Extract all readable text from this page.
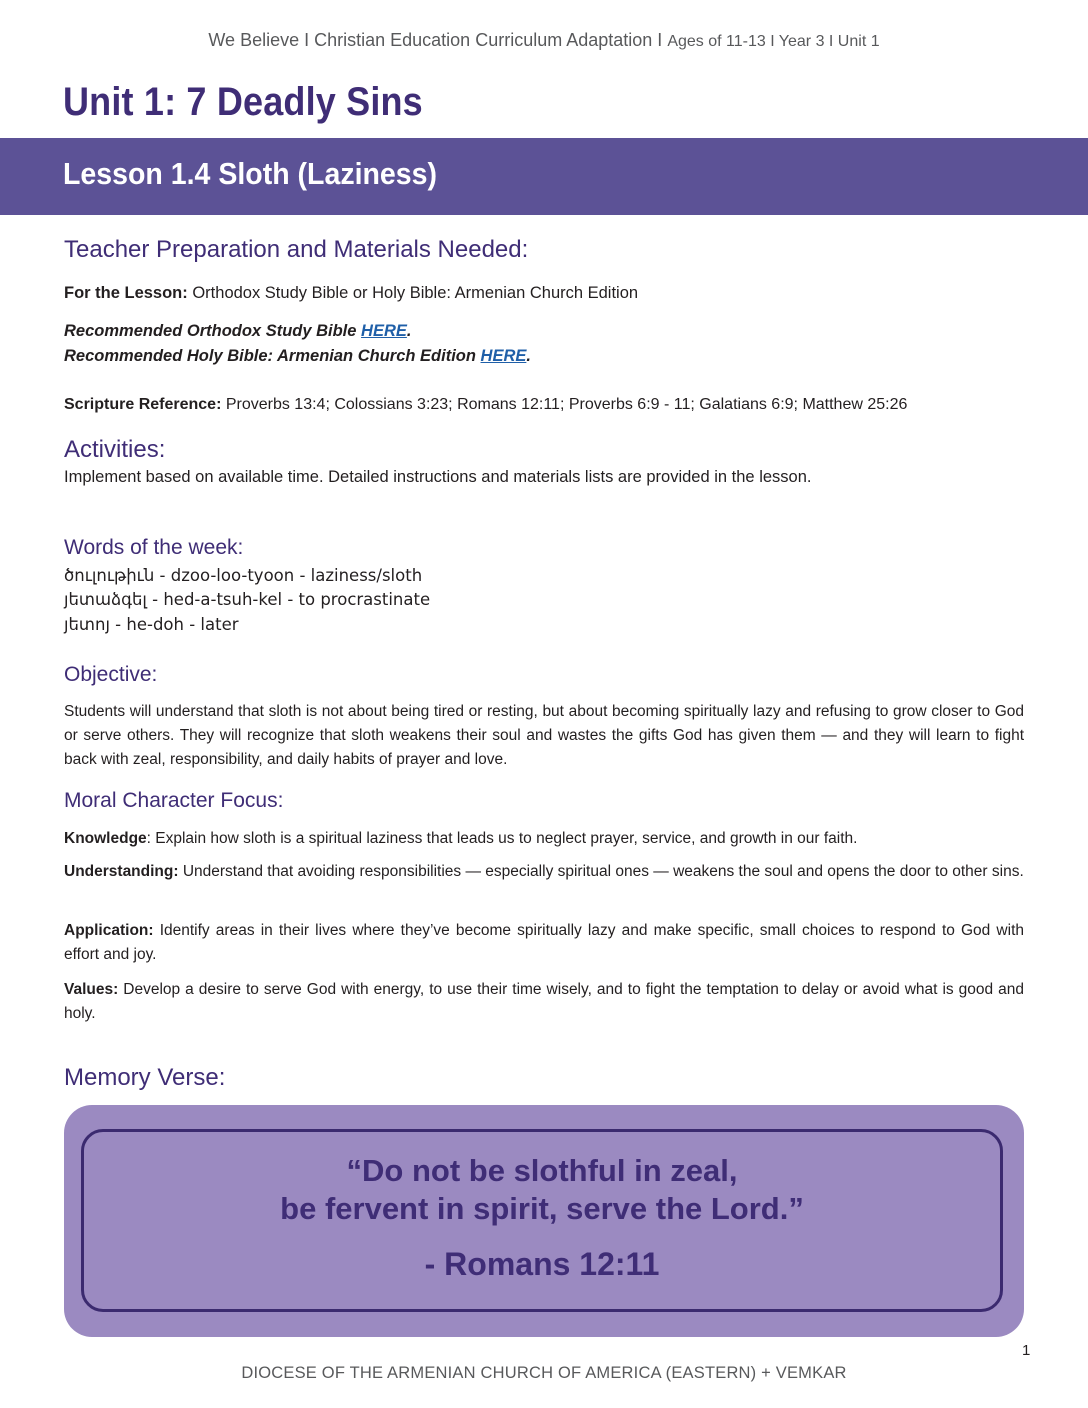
We Believe I Christian Education Curriculum Adaptation I Ages of 11-13 I Year 3 I Unit 1
Unit 1: 7 Deadly Sins
Lesson 1.4 Sloth (Laziness)
Teacher Preparation and Materials Needed:
For the Lesson: Orthodox Study Bible or Holy Bible: Armenian Church Edition
Recommended Orthodox Study Bible HERE.
Recommended Holy Bible: Armenian Church Edition HERE.
Scripture Reference: Proverbs 13:4; Colossians 3:23; Romans 12:11; Proverbs 6:9 - 11; Galatians 6:9; Matthew 25:26
Activities:
Implement based on available time. Detailed instructions and materials lists are provided in the lesson.
Words of the week:
ծուլութիւն - dzoo-loo-tyoon - laziness/sloth
յետաձգել - hed-a-tsuh-kel - to procrastinate
յետոյ - he-doh - later
Objective:
Students will understand that sloth is not about being tired or resting, but about becoming spiritually lazy and refusing to grow closer to God or serve others. They will recognize that sloth weakens their soul and wastes the gifts God has given them — and they will learn to fight back with zeal, responsibility, and daily habits of prayer and love.
Moral Character Focus:
Knowledge: Explain how sloth is a spiritual laziness that leads us to neglect prayer, service, and growth in our faith.
Understanding: Understand that avoiding responsibilities — especially spiritual ones — weakens the soul and opens the door to other sins.
Application: Identify areas in their lives where they’ve become spiritually lazy and make specific, small choices to respond to God with effort and joy.
Values: Develop a desire to serve God with energy, to use their time wisely, and to fight the temptation to delay or avoid what is good and holy.
Memory Verse:
“Do not be slothful in zeal,
be fervent in spirit, serve the Lord.”
- Romans 12:11
1
DIOCESE OF THE ARMENIAN CHURCH OF AMERICA (EASTERN) + VEMKAR
